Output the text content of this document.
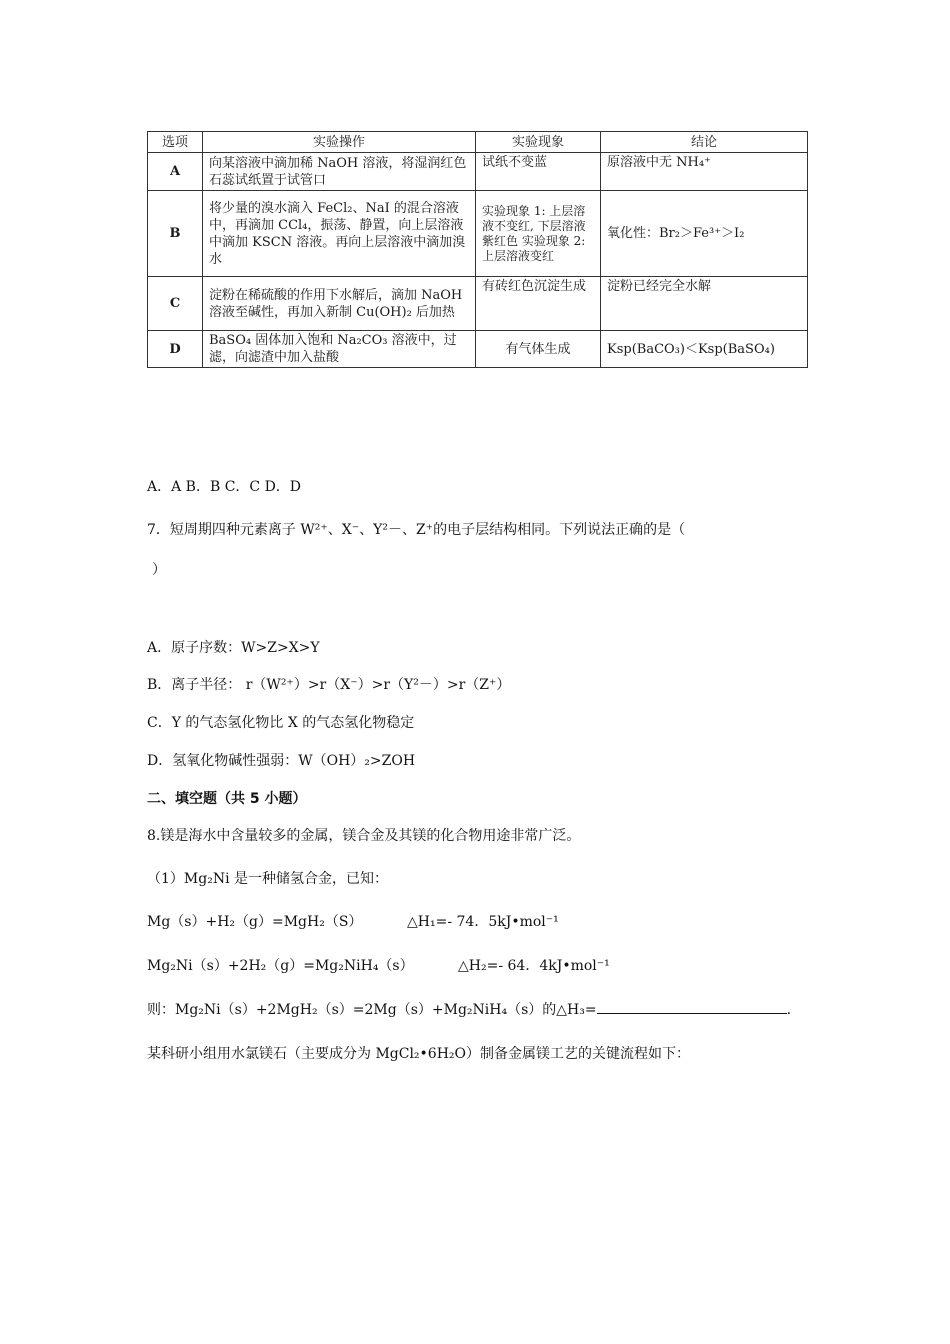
选项	实验操作	实验现象	结论
A	向某溶液中滴加稀 NaOH 溶液，将湿润红色石蕊试纸置于试管口	试纸不变蓝	原溶液中无 NH₄⁺
B	将少量的溴水滴入 FeCl₂、NaI 的混合溶液中，再滴加 CCl₄，振荡、静置，向上层溶液中滴加 KSCN 溶液。再向上层溶液中滴加溴水	实验现象 1: 上层溶液不变红, 下层溶液紫红色 实验现象 2: 上层溶液变红	氧化性：Br₂＞Fe³⁺＞I₂
C	淀粉在稀硫酸的作用下水解后，滴加 NaOH 溶液至碱性，再加入新制 Cu(OH)₂ 后加热	有砖红色沉淀生成	淀粉已经完全水解
D	BaSO₄ 固体加入饱和 Na₂CO₃ 溶液中，过滤，向滤渣中加入盐酸	有气体生成	Ksp(BaCO₃)＜Ksp(BaSO₄)
A．A B．B C．C D．D
7．短周期四种元素离子 W²⁺、X⁻、Y²－、Z⁺的电子层结构相同。下列说法正确的是（
）
A．原子序数：W>Z>X>Y
B．离子半径： r（W²⁺）>r（X⁻）>r（Y²－）>r（Z⁺）
C．Y 的气态氢化物比 X 的气态氢化物稳定
D．氢氧化物碱性强弱：W（OH）₂>ZOH
二、填空题（共 5 小题）
8.镁是海水中含量较多的金属，镁合金及其镁的化合物用途非常广泛。
（1）Mg₂Ni 是一种储氢合金，已知：
Mg（s）+H₂（g）=MgH₂（S）	△H₁=- 74．5kJ•mol⁻¹
Mg₂Ni（s）+2H₂（g）=Mg₂NiH₄（s）	△H₂=- 64．4kJ•mol⁻¹
则：Mg₂Ni（s）+2MgH₂（s）=2Mg（s）+Mg₂NiH₄（s）的△H₃=	．
某科研小组用水氯镁石（主要成分为 MgCl₂•6H₂O）制备金属镁工艺的关键流程如下：
